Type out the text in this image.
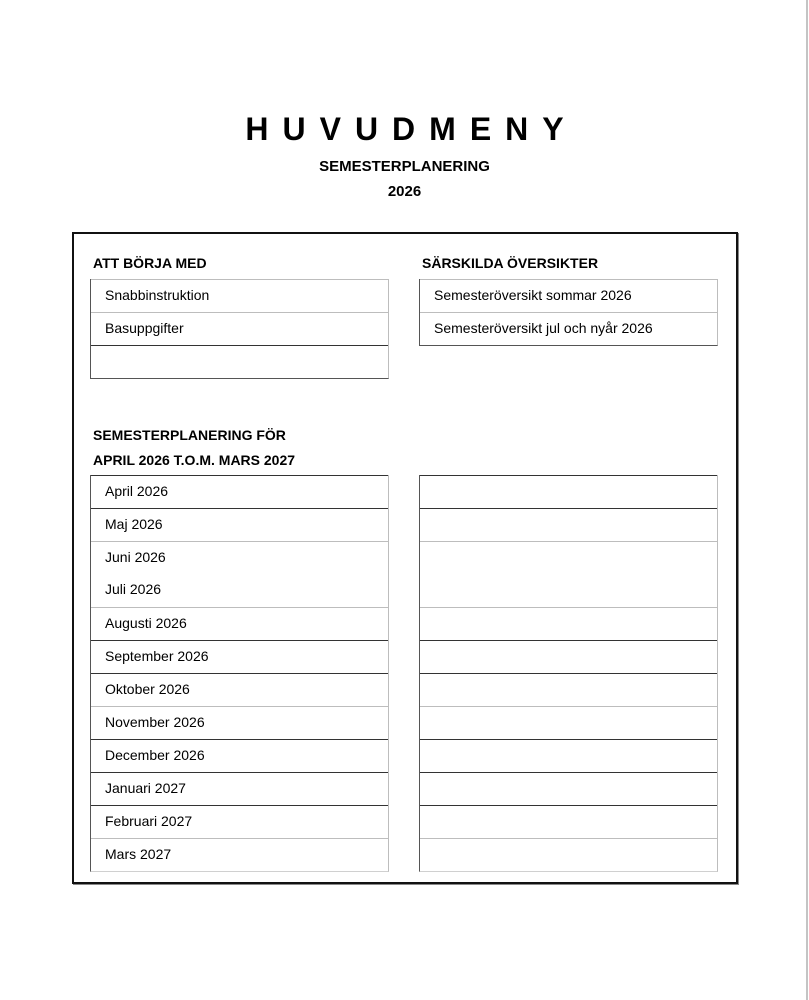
HUVUDMENY
SEMESTERPLANERING
2026
ATT BÖRJA MED
Snabbinstruktion
Basuppgifter
SÄRSKILDA ÖVERSIKTER
Semesteröversikt sommar 2026
Semesteröversikt jul och nyår 2026
SEMESTERPLANERING FÖR
APRIL 2026 T.O.M. MARS 2027
April 2026
Maj 2026
Juni 2026
Juli 2026
Augusti 2026
September 2026
Oktober 2026
November 2026
December 2026
Januari 2027
Februari 2027
Mars 2027
